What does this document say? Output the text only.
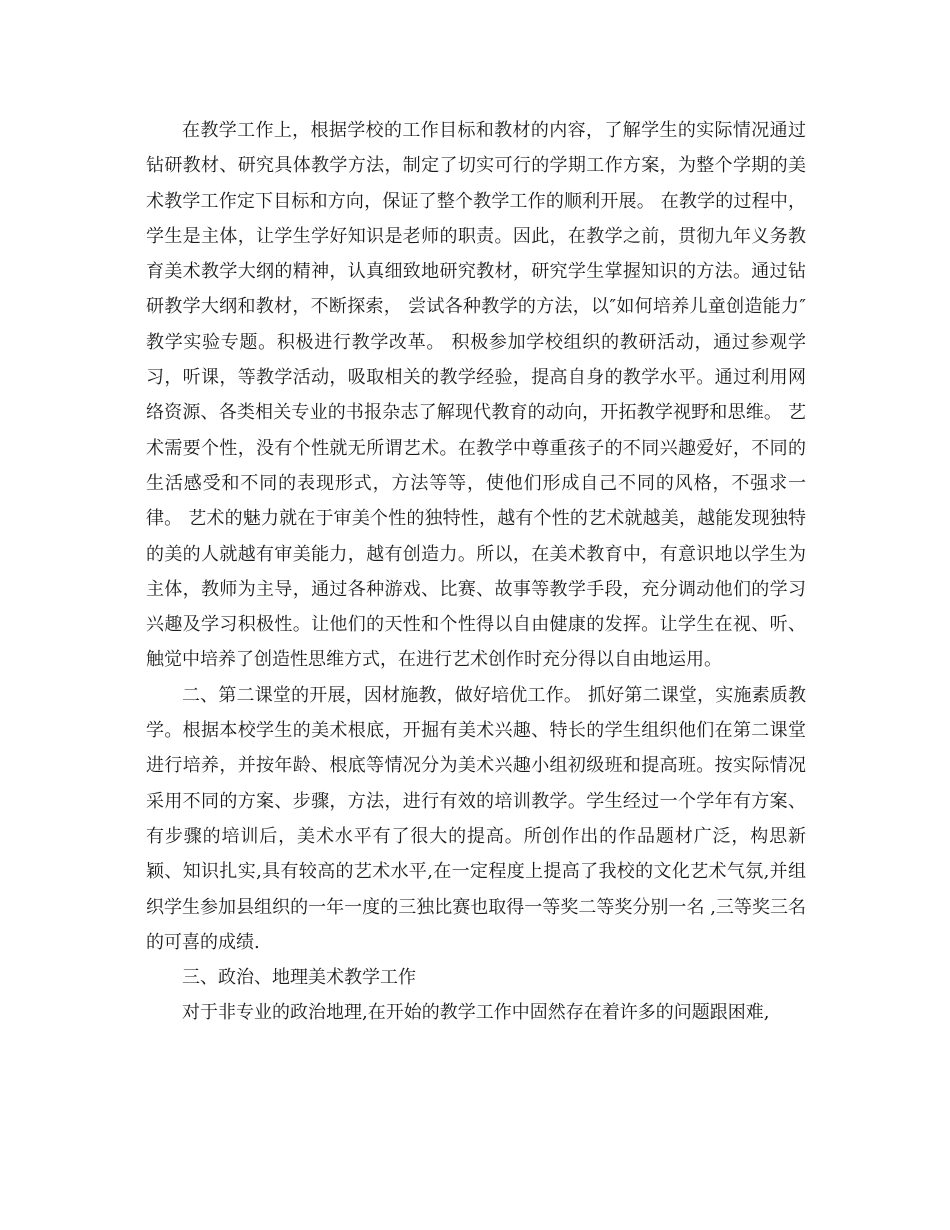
在教学工作上，根据学校的工作目标和教材的内容，了解学生的实际情况通过钻研教材、研究具体教学方法，制定了切实可行的学期工作方案，为整个学期的美术教学工作定下目标和方向，保证了整个教学工作的顺利开展。 在教学的过程中，学生是主体，让学生学好知识是老师的职责。因此，在教学之前，贯彻九年义务教育美术教学大纲的精神，认真细致地研究教材，研究学生掌握知识的方法。通过钻研教学大纲和教材，不断探索， 尝试各种教学的方法，以″如何培养儿童创造能力″教学实验专题。积极进行教学改革。 积极参加学校组织的教研活动，通过参观学习，听课，等教学活动，吸取相关的教学经验，提高自身的教学水平。通过利用网络资源、各类相关专业的书报杂志了解现代教育的动向，开拓教学视野和思维。 艺术需要个性，没有个性就无所谓艺术。在教学中尊重孩子的不同兴趣爱好，不同的生活感受和不同的表现形式，方法等等，使他们形成自己不同的风格，不强求一律。 艺术的魅力就在于审美个性的独特性，越有个性的艺术就越美，越能发现独特的美的人就越有审美能力，越有创造力。所以，在美术教育中，有意识地以学生为主体，教师为主导，通过各种游戏、比赛、故事等教学手段，充分调动他们的学习兴趣及学习积极性。让他们的天性和个性得以自由健康的发挥。让学生在视、听、触觉中培养了创造性思维方式，在进行艺术创作时充分得以自由地运用。

二、第二课堂的开展，因材施教，做好培优工作。 抓好第二课堂，实施素质教学。根据本校学生的美术根底，开掘有美术兴趣、特长的学生组织他们在第二课堂进行培养，并按年龄、根底等情况分为美术兴趣小组初级班和提高班。按实际情况采用不同的方案、步骤，方法，进行有效的培训教学。学生经过一个学年有方案、有步骤的培训后，美术水平有了很大的提高。所创作出的作品题材广泛，构思新颖、知识扎实,具有较高的艺术水平,在一定程度上提高了我校的文化艺术气氛,并组织学生参加县组织的一年一度的三独比赛也取得一等奖二等奖分别一名 ,三等奖三名的可喜的成绩.

三、政治、地理美术教学工作

对于非专业的政治地理,在开始的教学工作中固然存在着许多的问题跟困难,
